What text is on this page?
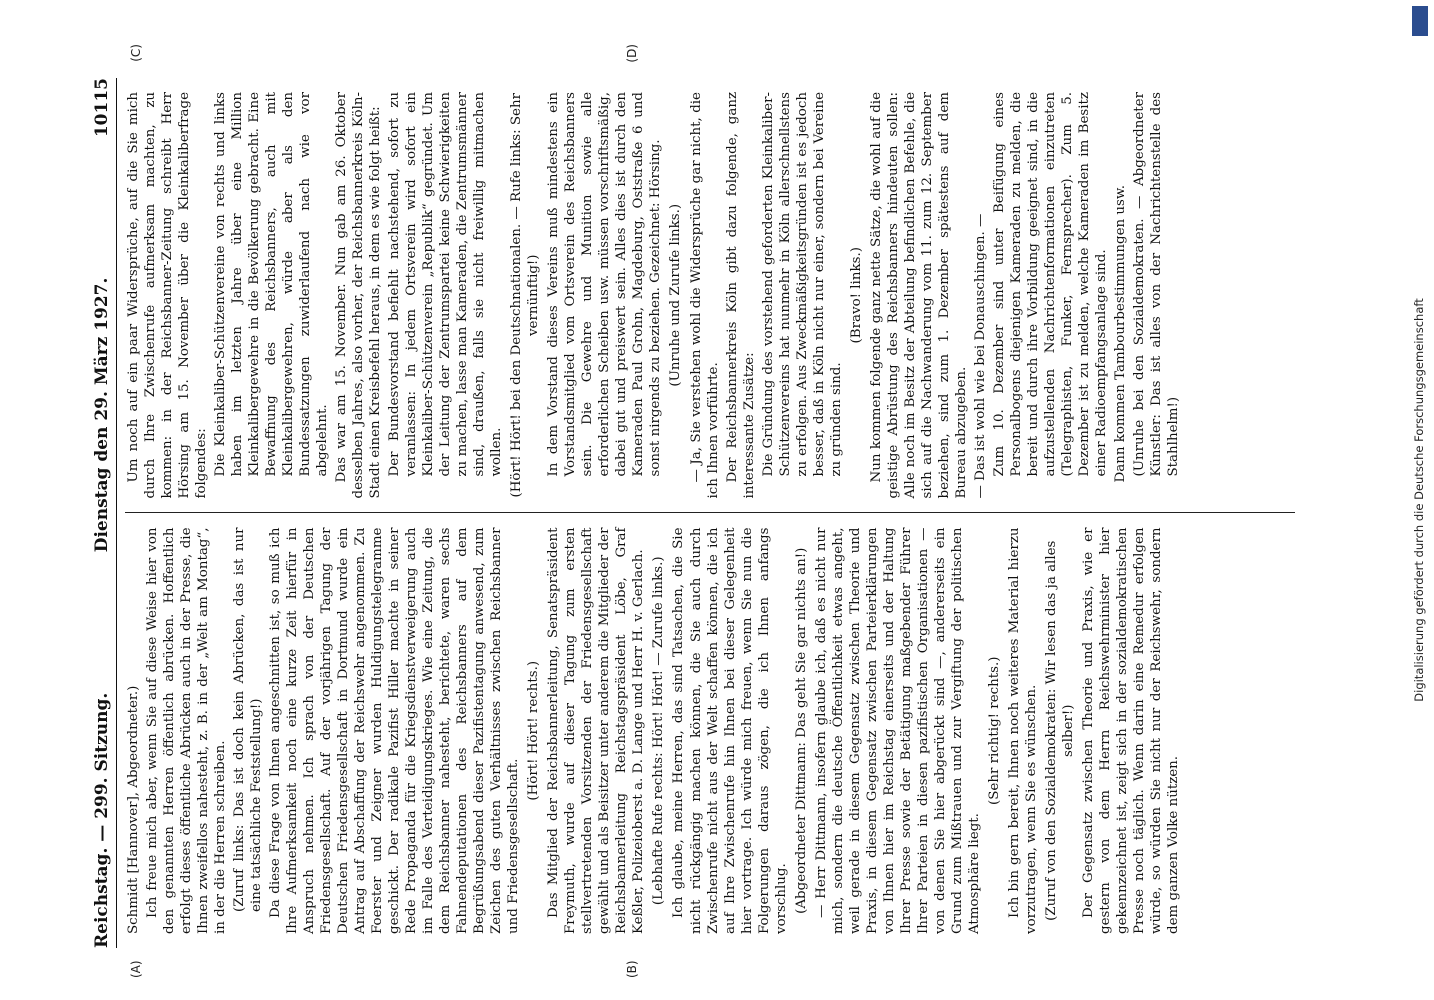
Reichstag. — 299. Sitzung.
Dienstag den 29. März 1927.
10115
(A)	(B)

Schmidt [Hannover], Abgeordneter.) Ich freue mich aber, wenn Sie auf diese Weise hier von den genannten Herren öffentlich abrücken. Hoffentlich erfolgt dieses öffentliche Abrücken auch in der Presse, die Ihnen zweifellos nahesteht, z. B. in der „Welt am Montag“, in der die Herren schreiben. (Zuruf links: Das ist doch kein Abrücken, das ist nur eine tatsächliche Feststellung!) Da diese Frage von Ihnen angeschnitten ist, so muß ich Ihre Aufmerksamkeit noch eine kurze Zeit hierfür in Anspruch nehmen. Ich sprach von der Deutschen Friedensgesellschaft. Auf der vorjährigen Tagung der Deutschen Friedensgesellschaft in Dortmund wurde ein Antrag auf Abschaffung der Reichswehr angenommen. Zu Foerster und Zeigner wurden Huldigungstelegramme geschickt. Der radikale Pazifist Hiller machte in seiner Rede Propaganda für die Kriegsdienstverweigerung auch im Falle des Verteidigungskrieges. Wie eine Zeitung, die dem Reichsbanner nahesteht, berichtete, waren sechs Fahnendeputationen des Reichsbanners auf dem Begrüßungsabend dieser Pazifistentagung anwesend, zum Zeichen des guten Verhältnisses zwischen Reichsbanner und Friedensgesellschaft.

(Hört! Hört! rechts.) Das Mitglied der Reichsbannerleitung, Senatspräsident Freymuth, wurde auf dieser Tagung zum ersten stellvertretenden Vorsitzenden der Friedensgesellschaft gewählt und als Beisitzer unter anderem die Mitglieder der Reichsbannerleitung Reichstagspräsident Löbe, Graf Keßler, Polizeioberst a. D. Lange und Herr H. v. Gerlach. (Lebhafte Rufe rechts: Hört! Hört! — Zurufe links.) Ich glaube, meine Herren, das sind Tatsachen, die Sie nicht rückgängig machen können, die Sie auch durch Zwischenrufe nicht aus der Welt schaffen können, die ich auf Ihre Zwischenrufe hin Ihnen bei dieser Gelegenheit hier vortrage. Ich würde mich freuen, wenn Sie nun die Folgerungen daraus zögen, die ich Ihnen anfangs vorschlug. (Abgeordneter Dittmann: Das geht Sie gar nichts an!) — Herr Dittmann, insofern glaube ich, daß es nicht nur mich, sondern die deutsche Öffentlichkeit etwas angeht, weil gerade in diesem Gegensatz zwischen Theorie und Praxis, in diesem Gegensatz zwischen Parteierklärungen von Ihnen hier im Reichstag einerseits und der Haltung Ihrer Presse sowie der Betätigung maßgebender Führer Ihrer Parteien in diesen pazifistischen Organisationen — von denen Sie hier abgerückt sind —, andererseits ein Grund zum Mißtrauen und zur Vergiftung der politischen Atmosphäre liegt.

(Sehr richtig! rechts.) Ich bin gern bereit, Ihnen noch weiteres Material hierzu vorzutragen, wenn Sie es wünschen. (Zuruf von den Sozialdemokraten: Wir lesen das ja alles selber!) Der Gegensatz zwischen Theorie und Praxis, wie er gestern von dem Herrn Reichswehrminister hier gekennzeichnet ist, zeigt sich in der sozialdemokratischen Presse noch täglich. Wenn darin eine Remedur erfolgen würde, so würden Sie nicht nur der Reichswehr, sondern dem ganzen Volke nützen.

(C)	(D)

Um noch auf ein paar Widersprüche, auf die Sie mich durch Ihre Zwischenrufe aufmerksam machten, zu kommen: in der Reichsbanner-Zeitung schreibt Herr Hörsing am 15. November über die Kleinkaliberfrage folgendes: Die Kleinkaliber-Schützenvereine von rechts und links haben im letzten Jahre über eine Million Kleinkalibergewehre in die Bevölkerung gebracht. Eine Bewaffnung des Reichsbanners, auch mit Kleinkalibergewehren, würde aber als den Bundessatzungen zuwiderlaufend nach wie vor abgelehnt. Das war am 15. November. Nun gab am 26. Oktober desselben Jahres, also vorher, der Reichsbannerkreis Köln-Stadt einen Kreisbefehl heraus, in dem es wie folgt heißt: Der Bundesvorstand befiehlt nachstehend, sofort zu veranlassen: In jedem Ortsverein wird sofort ein Kleinkaliber-Schützenverein „Republik“ gegründet. Um der Leitung der Zentrumspartei keine Schwierigkeiten zu machen, lasse man Kameraden, die Zentrumsmänner sind, draußen, falls sie nicht freiwillig mitmachen wollen. (Hört! Hört! bei den Deutschnationalen. — Rufe links: Sehr vernünftig!) In dem Vorstand dieses Vereins muß mindestens ein Vorstandsmitglied vom Ortsverein des Reichsbanners sein. Die Gewehre und Munition sowie alle erforderlichen Scheiben usw. müssen vorschriftsmäßig, dabei gut und preiswert sein. Alles dies ist durch den Kameraden Paul Grohn, Magdeburg, Oststraße 6 und sonst nirgends zu beziehen. Gezeichnet: Hörsing. (Unruhe und Zurufe links.) — Ja, Sie verstehen wohl die Widersprüche gar nicht, die ich Ihnen vorführte. Der Reichsbannerkreis Köln gibt dazu folgende, ganz interessante Zusätze: Die Gründung des vorstehend geforderten Kleinkaliber-Schützenvereins hat nunmehr in Köln allerschnellstens zu erfolgen. Aus Zweckmäßigkeitsgründen ist es jedoch besser, daß in Köln nicht nur einer, sondern bei Vereine zu gründen sind.

(Bravo! links.) Nun kommen folgende ganz nette Sätze, die wohl auf die geistige Abrüstung des Reichsbanners hindeuten sollen: Alle noch im Besitz der Abteilung befindlichen Befehle, die sich auf die Nachwanderung vom 11. zum 12. September beziehen, sind zum 1. Dezember spätestens auf dem Bureau abzugeben. — Das ist wohl wie bei Donauschingen. — Zum 10. Dezember sind unter Beifügung eines Personalbogens diejenigen Kameraden zu melden, die bereit und durch ihre Vorbildung geeignet sind, in die aufzustellenden Nachrichtenformationen einzutreten (Telegraphisten, Funker, Fernsprecher). Zum 5. Dezember ist zu melden, welche Kameraden im Besitz einer Radioempfangsanlage sind. Dann kommen Tambourbestimmungen usw. (Unruhe bei den Sozialdemokraten. — Abgeordneter Künstler: Das ist alles von der Nachrichtenstelle des Stahlhelm!)	Digitalisierung gefördert durch die Deutsche Forschungsgemeinschaft
